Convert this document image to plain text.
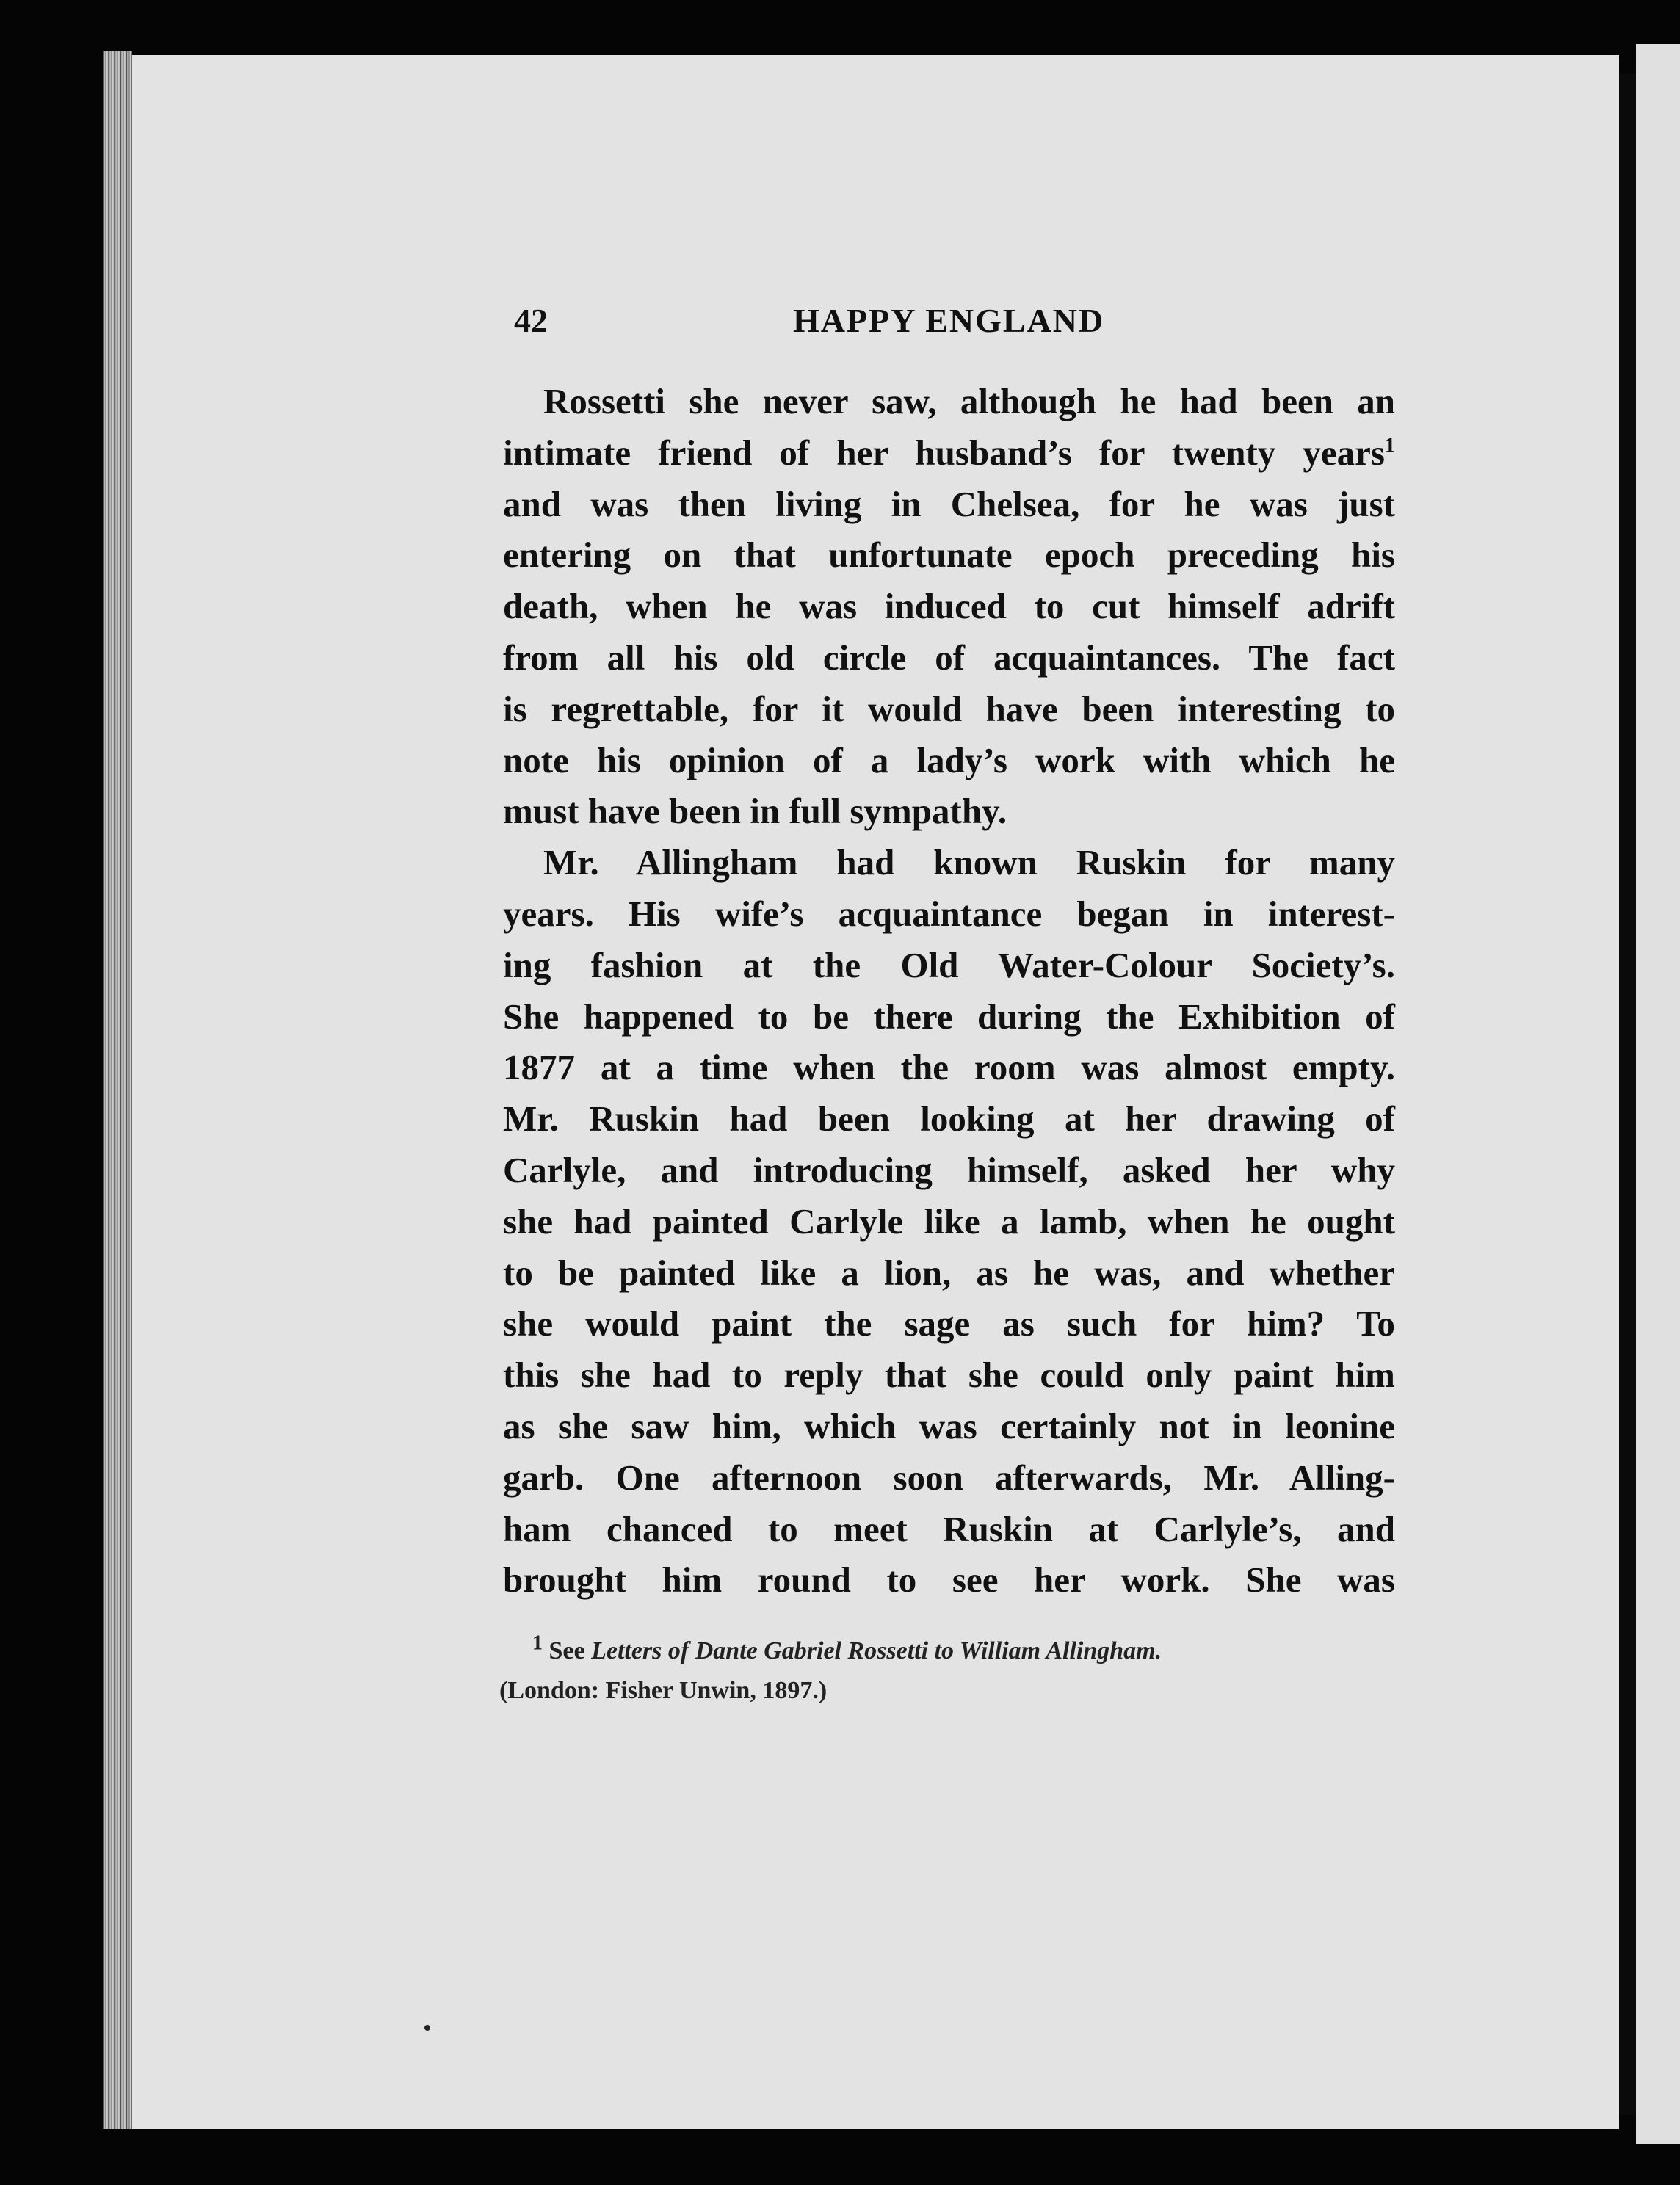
42	HAPPY ENGLAND
Rossetti she never saw, although he had been an
intimate friend of her husband’s for twenty years$^1$
and was then living in Chelsea, for he was just
entering on that unfortunate epoch preceding his
death, when he was induced to cut himself adrift
from all his old circle of acquaintances. The fact
is regrettable, for it would have been interesting to
note his opinion of a lady’s work with which he
must have been in full sympathy.
Mr. Allingham had known Ruskin for many
years. His wife’s acquaintance began in interest-
ing fashion at the Old Water-Colour Society’s.
She happened to be there during the Exhibition of
1877 at a time when the room was almost empty.
Mr. Ruskin had been looking at her drawing of
Carlyle, and introducing himself, asked her why
she had painted Carlyle like a lamb, when he ought
to be painted like a lion, as he was, and whether
she would paint the sage as such for him? To
this she had to reply that she could only paint him
as she saw him, which was certainly not in leonine
garb. One afternoon soon afterwards, Mr. Alling-
ham chanced to meet Ruskin at Carlyle’s, and
brought him round to see her work. She was
$^1$ See Letters of Dante Gabriel Rossetti to William Allingham.
(London: Fisher Unwin, 1897.)
